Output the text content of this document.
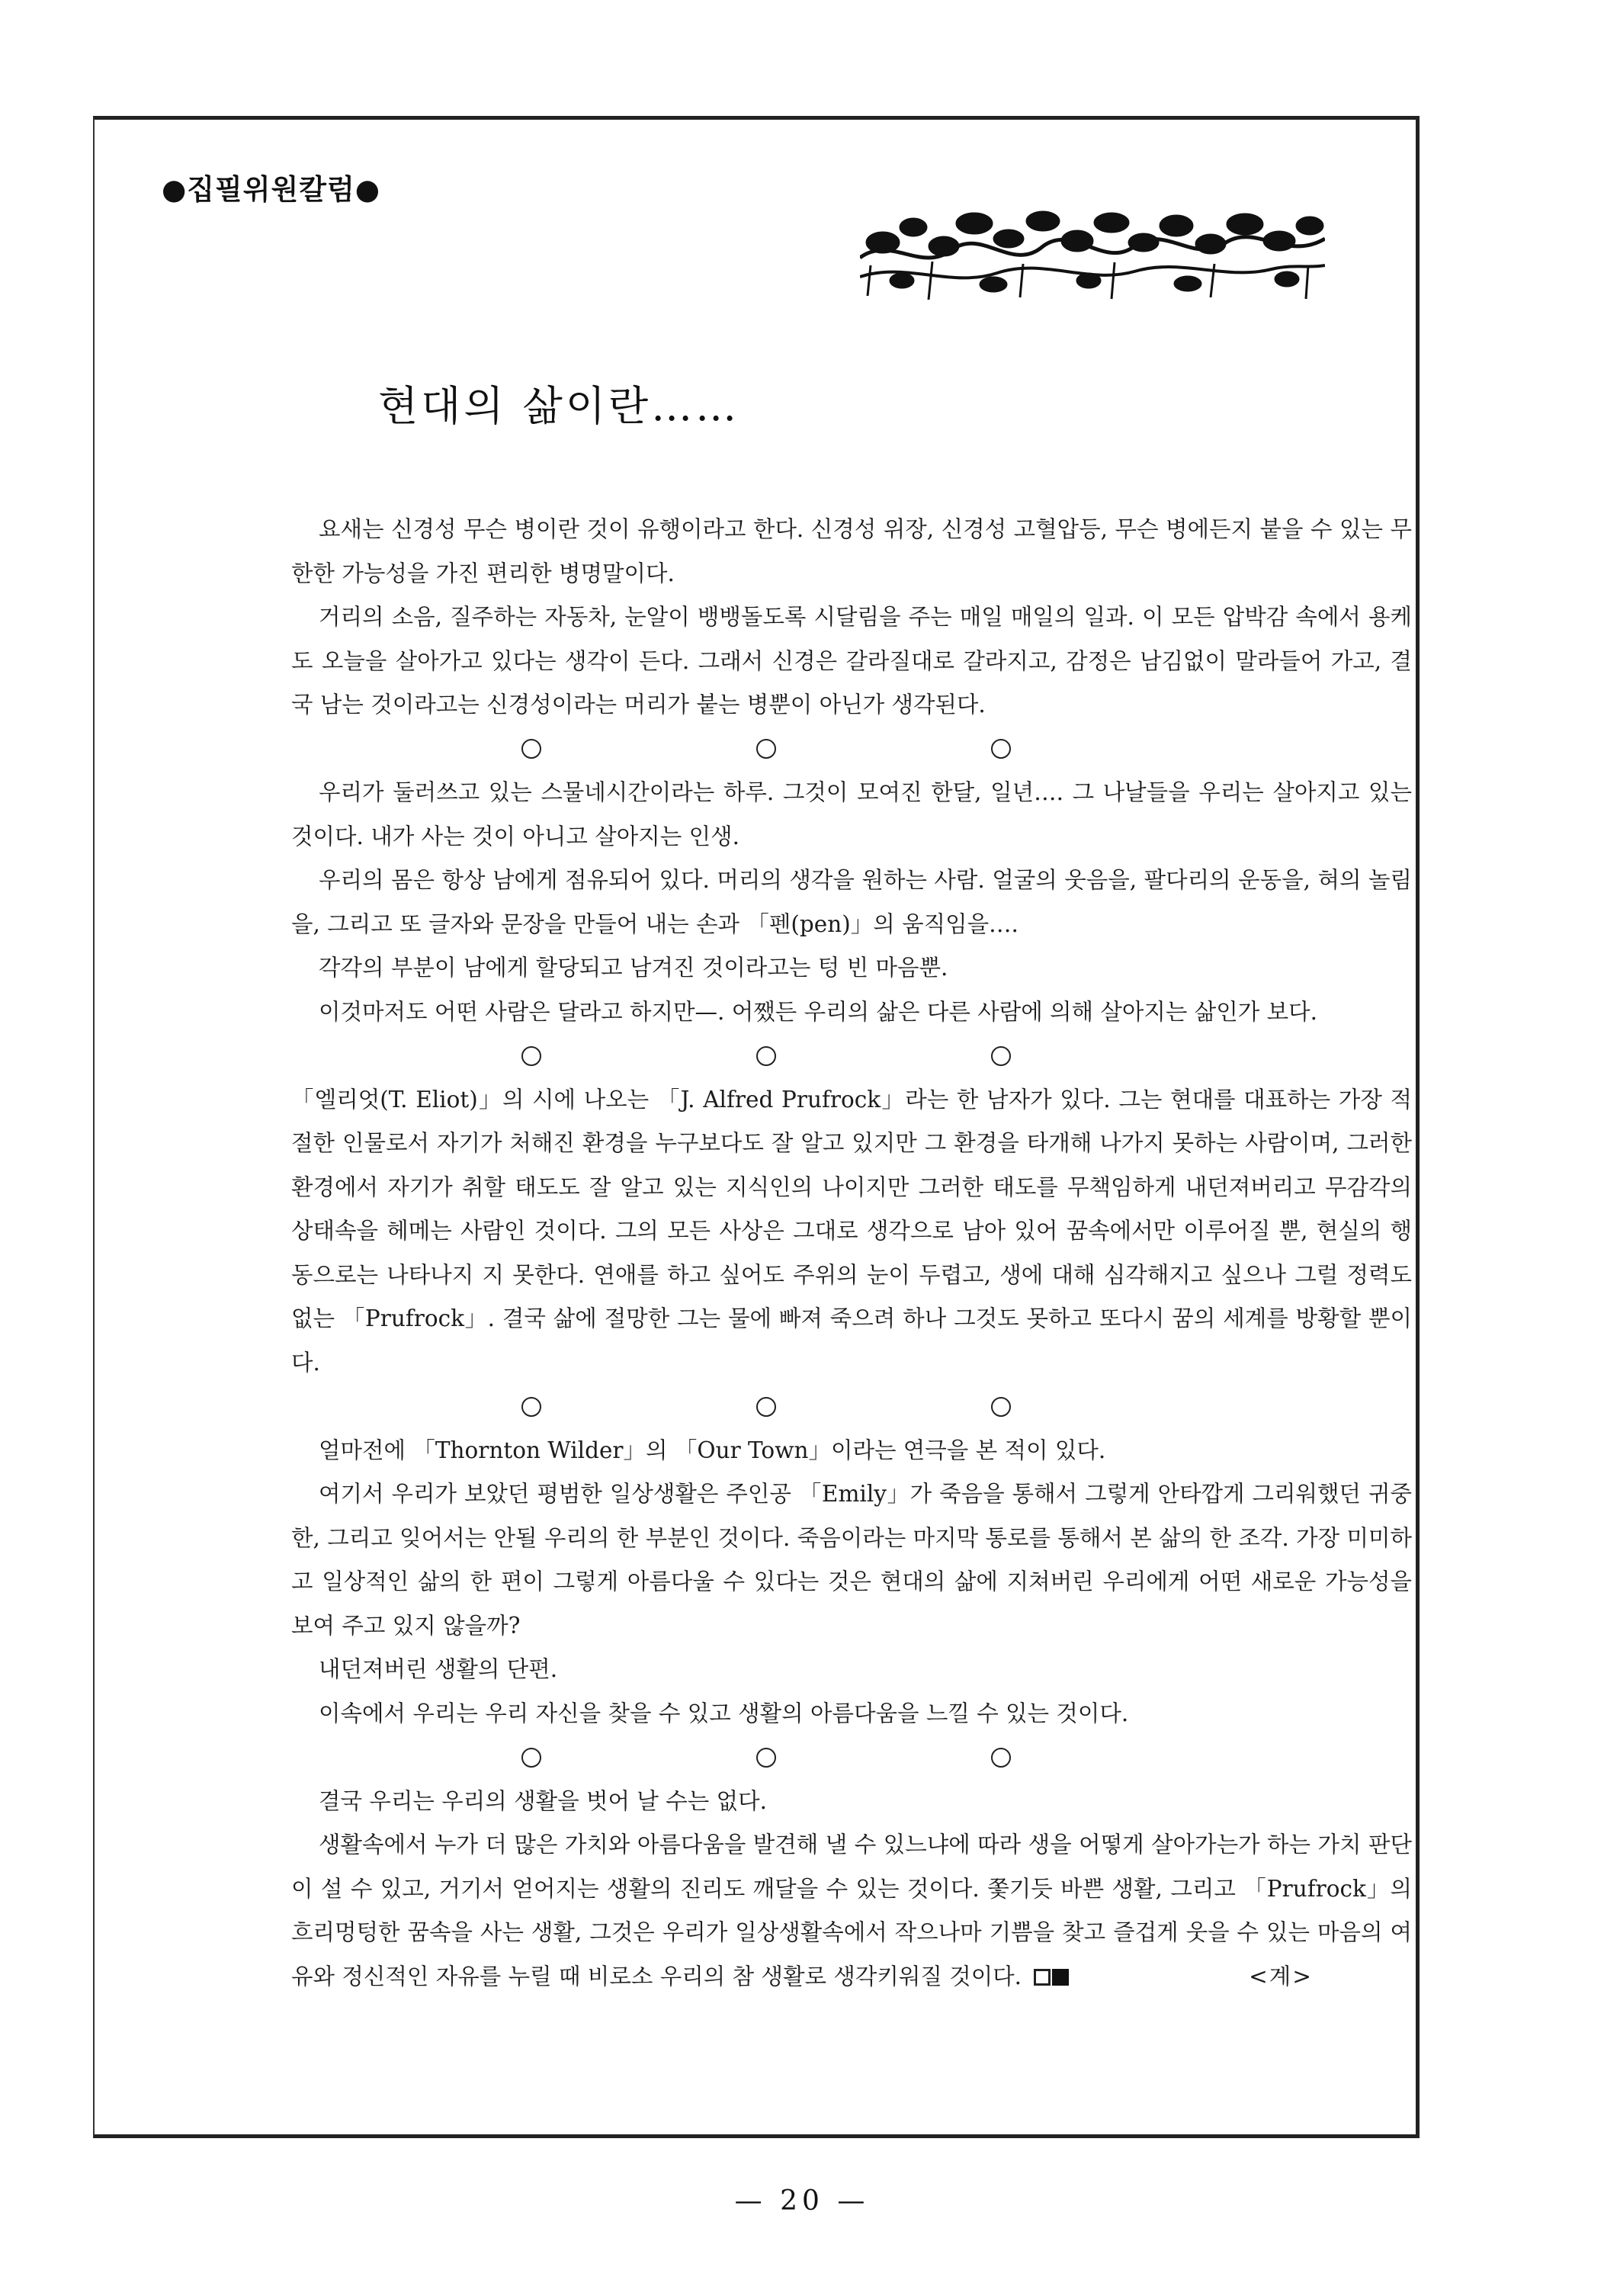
●집필위원칼럼●
현대의 삶이란……

요새는 신경성 무슨 병이란 것이 유행이라고 한다. 신경성 위장, 신경성 고혈압등, 무슨 병에든지 붙을 수 있는 무한한 가능성을 가진 편리한 병명말이다.

거리의 소음, 질주하는 자동차, 눈알이 뱅뱅돌도록 시달림을 주는 매일 매일의 일과. 이 모든 압박감 속에서 용케도 오늘을 살아가고 있다는 생각이 든다. 그래서 신경은 갈라질대로 갈라지고, 감정은 남김없이 말라들어 가고, 결국 남는 것이라고는 신경성이라는 머리가 붙는 병뿐이 아닌가 생각된다.

우리가 둘러쓰고 있는 스물네시간이라는 하루. 그것이 모여진 한달, 일년…. 그 나날들을 우리는 살아지고 있는 것이다. 내가 사는 것이 아니고 살아지는 인생.

우리의 몸은 항상 남에게 점유되어 있다. 머리의 생각을 원하는 사람. 얼굴의 웃음을, 팔다리의 운동을, 혀의 놀림을, 그리고 또 글자와 문장을 만들어 내는 손과 「펜(pen)」의 움직임을….

각각의 부분이 남에게 할당되고 남겨진 것이라고는 텅 빈 마음뿐.

이것마저도 어떤 사람은 달라고 하지만—. 어쨌든 우리의 삶은 다른 사람에 의해 살아지는 삶인가 보다.

「엘리엇(T. Eliot)」의 시에 나오는 「J. Alfred Prufrock」라는 한 남자가 있다. 그는 현대를 대표하는 가장 적절한 인물로서 자기가 처해진 환경을 누구보다도 잘 알고 있지만 그 환경을 타개해 나가지 못하는 사람이며, 그러한 환경에서 자기가 취할 태도도 잘 알고 있는 지식인의 나이지만 그러한 태도를 무책임하게 내던져버리고 무감각의 상태속을 헤메는 사람인 것이다. 그의 모든 사상은 그대로 생각으로 남아 있어 꿈속에서만 이루어질 뿐, 현실의 행동으로는 나타나지 지 못한다. 연애를 하고 싶어도 주위의 눈이 두렵고, 생에 대해 심각해지고 싶으나 그럴 정력도 없는 「Prufrock」. 결국 삶에 절망한 그는 물에 빠져 죽으려 하나 그것도 못하고 또다시 꿈의 세계를 방황할 뿐이다.

얼마전에 「Thornton Wilder」의 「Our Town」이라는 연극을 본 적이 있다.

여기서 우리가 보았던 평범한 일상생활은 주인공 「Emily」가 죽음을 통해서 그렇게 안타깝게 그리워했던 귀중한, 그리고 잊어서는 안될 우리의 한 부분인 것이다. 죽음이라는 마지막 통로를 통해서 본 삶의 한 조각. 가장 미미하고 일상적인 삶의 한 편이 그렇게 아름다울 수 있다는 것은 현대의 삶에 지쳐버린 우리에게 어떤 새로운 가능성을 보여 주고 있지 않을까?

내던져버린 생활의 단편.

이속에서 우리는 우리 자신을 찾을 수 있고 생활의 아름다움을 느낄 수 있는 것이다.

결국 우리는 우리의 생활을 벗어 날 수는 없다.

생활속에서 누가 더 많은 가치와 아름다움을 발견해 낼 수 있느냐에 따라 생을 어떻게 살아가는가 하는 가치 판단이 설 수 있고, 거기서 얻어지는 생활의 진리도 깨달을 수 있는 것이다. 쫓기듯 바쁜 생활, 그리고 「Prufrock」의 흐리멍텅한 꿈속을 사는 생활, 그것은 우리가 일상생활속에서 작으나마 기쁨을 찾고 즐겁게 웃을 수 있는 마음의 여유와 정신적인 자유를 누릴 때 비로소 우리의 참 생활로 생각키워질 것이다.	<계>

— 20 —
